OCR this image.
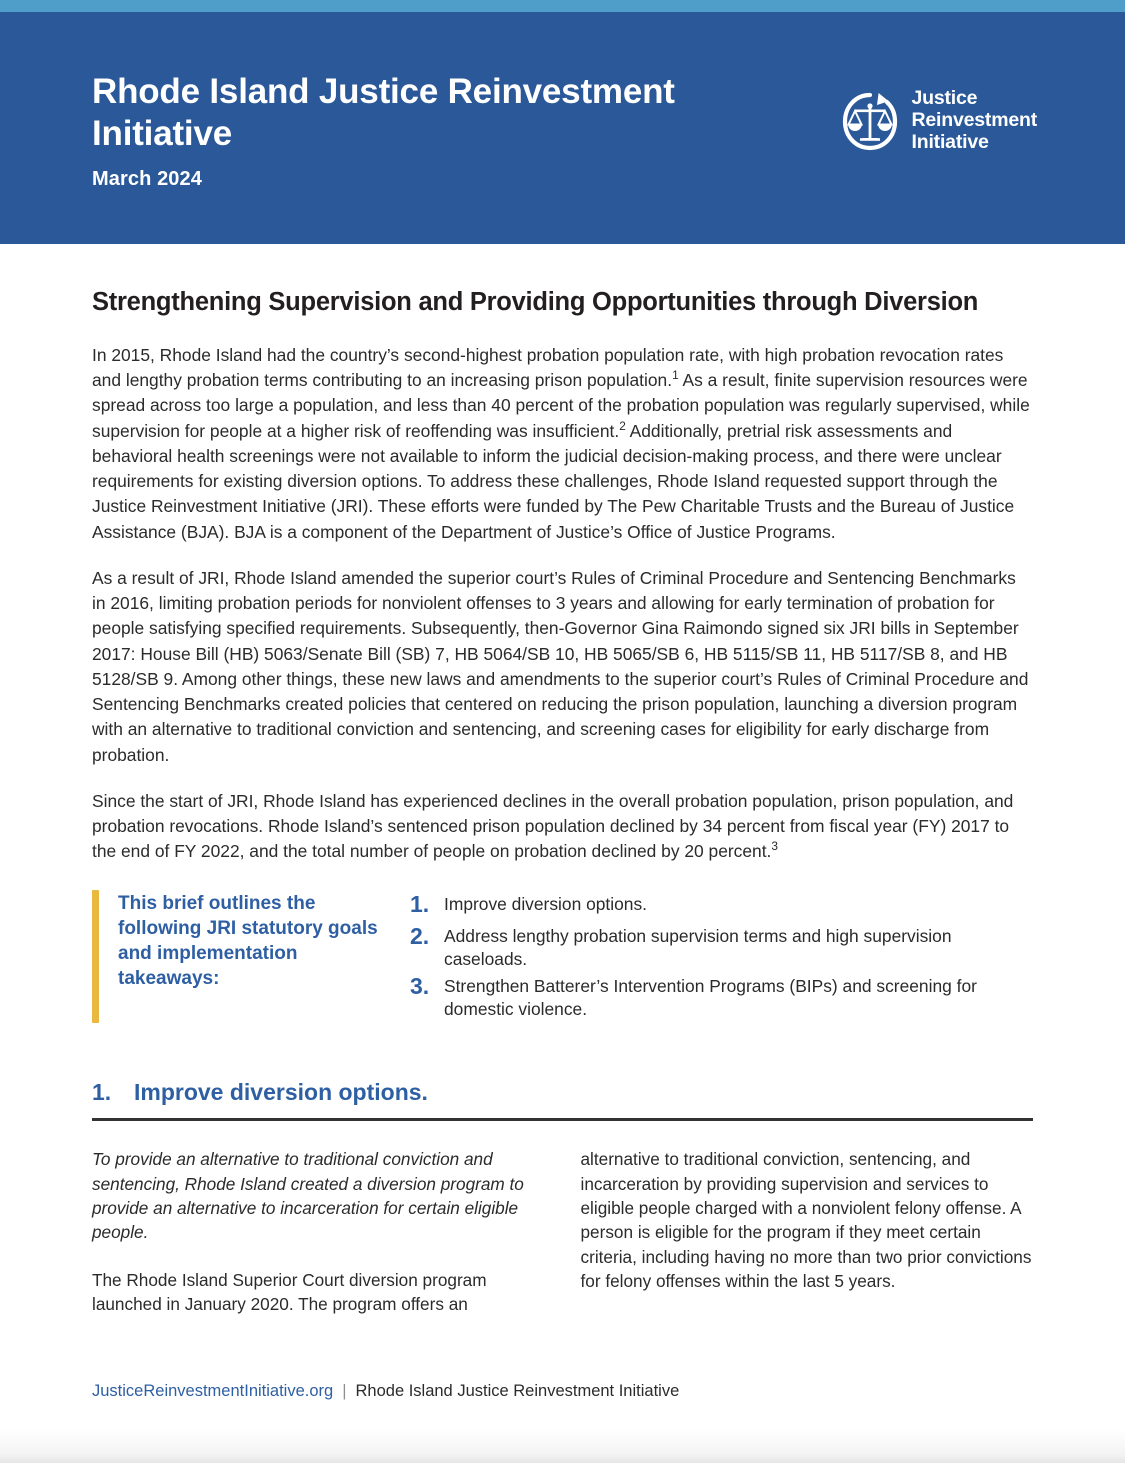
Rhode Island Justice Reinvestment Initiative
March 2024
Justice
Reinvestment
Initiative
Strengthening Supervision and Providing Opportunities through Diversion

In 2015, Rhode Island had the country’s second-highest probation population rate, with high probation revocation rates and lengthy probation terms contributing to an increasing prison population.$^1$ As a result, finite supervision resources were spread across too large a population, and less than 40 percent of the probation population was regularly supervised, while supervision for people at a higher risk of reoffending was insufficient.$^2$ Additionally, pretrial risk assessments and behavioral health screenings were not available to inform the judicial decision-making process, and there were unclear requirements for existing diversion options. To address these challenges, Rhode Island requested support through the Justice Reinvestment Initiative (JRI). These efforts were funded by The Pew Charitable Trusts and the Bureau of Justice Assistance (BJA). BJA is a component of the Department of Justice’s Office of Justice Programs.

As a result of JRI, Rhode Island amended the superior court’s Rules of Criminal Procedure and Sentencing Benchmarks in 2016, limiting probation periods for nonviolent offenses to 3 years and allowing for early termination of probation for people satisfying specified requirements. Subsequently, then-Governor Gina Raimondo signed six JRI bills in September 2017: House Bill (HB) 5063/Senate Bill (SB) 7, HB 5064/SB 10, HB 5065/SB 6, HB 5115/SB 11, HB 5117/SB 8, and HB 5128/SB 9. Among other things, these new laws and amendments to the superior court’s Rules of Criminal Procedure and Sentencing Benchmarks created policies that centered on reducing the prison population, launching a diversion program with an alternative to traditional conviction and sentencing, and screening cases for eligibility for early discharge from probation.

Since the start of JRI, Rhode Island has experienced declines in the overall probation population, prison population, and probation revocations. Rhode Island’s sentenced prison population declined by 34 percent from fiscal year (FY) 2017 to the end of FY 2022, and the total number of people on probation declined by 20 percent.$^3$

This brief outlines the following JRI statutory goals and implementation takeaways:
1. Improve diversion options.
2. Address lengthy probation supervision terms and high supervision caseloads.
3. Strengthen Batterer’s Intervention Programs (BIPs) and screening for domestic violence.
1. Improve diversion options.

To provide an alternative to traditional conviction and sentencing, Rhode Island created a diversion program to provide an alternative to incarceration for certain eligible people.

The Rhode Island Superior Court diversion program launched in January 2020. The program offers an

alternative to traditional conviction, sentencing, and incarceration by providing supervision and services to eligible people charged with a nonviolent felony offense. A person is eligible for the program if they meet certain criteria, including having no more than two prior convictions for felony offenses within the last 5 years.

JusticeReinvestmentInitiative.org | Rhode Island Justice Reinvestment Initiative
